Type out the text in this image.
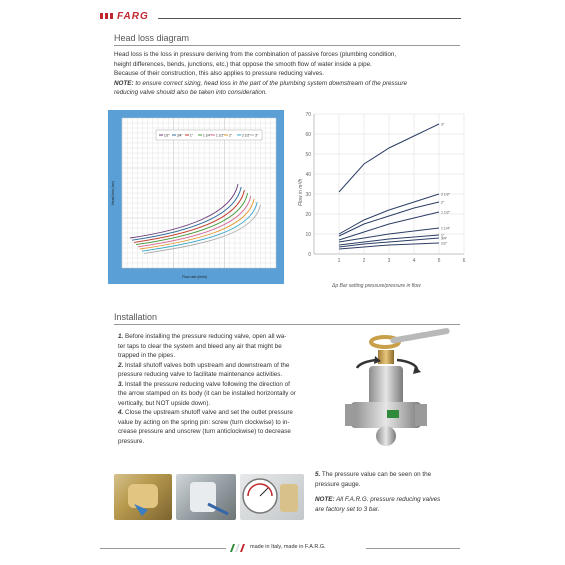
FARG
Head loss diagram
Head loss is the loss in pressure deriving from the combination of passive forces (plumbing condition,
height differences, bends, junctions, etc.) that oppose the smooth flow of water inside a pipe.
Because of their construction, this also applies to pressure reducing valves.
NOTE: to ensure correct sizing, head loss in the part of the plumbing system downstream of the pressure
reducing valve should also be taken into consideration.
1/2" 3/4" 1"	1 1/4" 1 1/2" 2"	2 1/2" 3"
Head loss (bar)
Flow rate (l/min)
3"
2 1/2"
2"
1 1/2"
1 1/4"
1"
3/4"
1/2"
0
10
20
30
40
50
60
70
1	2	3	4	5	6
Flow in m³/h
Δp Bar setting pressure/pressure in flow
Installation
1. Before installing the pressure reducing valve, open all wa-
ter taps to clear the system and bleed any air that might be
trapped in the pipes.
2. Install shutoff valves both upstream and downstream of the
pressure reducing valve to facilitate maintenance activities.
3. Install the pressure reducing valve following the direction of
the arrow stamped on its body (it can be installed horizontally or
vertically, but NOT upside down).
4. Close the upstream shutoff valve and set the outlet pressure
value by acting on the spring pin: screw (turn clockwise) to in-
crease pressure and unscrew (turn anticlockwise) to decrease
pressure.
5. The pressure value can be seen on the
pressure gauge.
NOTE: All F.A.R.G. pressure reducing valves
are factory set to 3 bar.
made in Italy, made in F.A.R.G.
